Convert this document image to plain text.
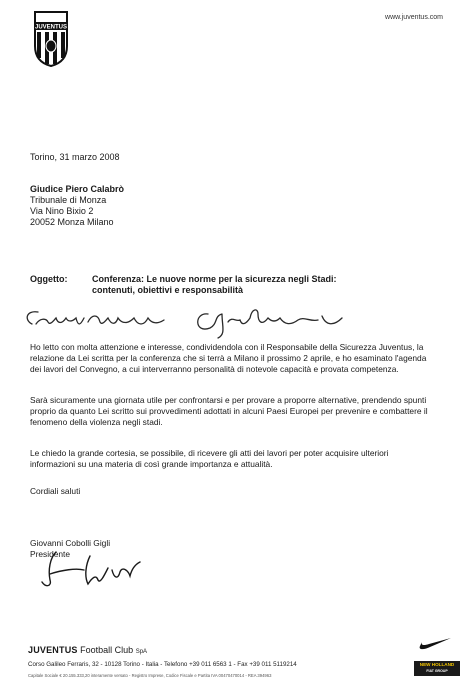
JUVENTUS
www.juventus.com
Torino, 31 marzo 2008
Giudice Piero Calabrò
Tribunale di Monza
Via Nino Bixio 2
20052 Monza Milano
Oggetto:	Conferenza: Le nuove norme per la sicurezza negli Stadi:
contenuti, obiettivi e responsabilità
Ho letto con molta attenzione e interesse, condividendola con il Responsabile della Sicurezza Juventus, la relazione da Lei scritta per la conferenza che si terrà a Milano il prossimo 2 aprile, e ho esaminato l'agenda dei lavori del Convegno, a cui interverranno personalità di notevole capacità e provata competenza.
Sarà sicuramente una giornata utile per confrontarsi e per provare a proporre alternative, prendendo spunti proprio da quanto Lei scritto sui provvedimenti adottati in alcuni Paesi Europei per prevenire e combattere il fenomeno della violenza negli stadi.
Le chiedo la grande cortesia, se possibile, di ricevere gli atti dei lavori per poter acquisire ulteriori informazioni su una materia di così grande importanza e attualità.
Cordiali saluti
Giovanni Cobolli Gigli
Presidente
JUVENTUS Football Club SpA
Corso Galileo Ferraris, 32 - 10128 Torino - Italia - Telefono +39 011 6563 1 - Fax +39 011 5119214
Capitale Sociale € 20.155.333,20 interamente versato - Registro Imprese, Codice Fiscale e Partita IVA 00470470014 - REA 394963
NEW HOLLAND
FIAT GROUP
